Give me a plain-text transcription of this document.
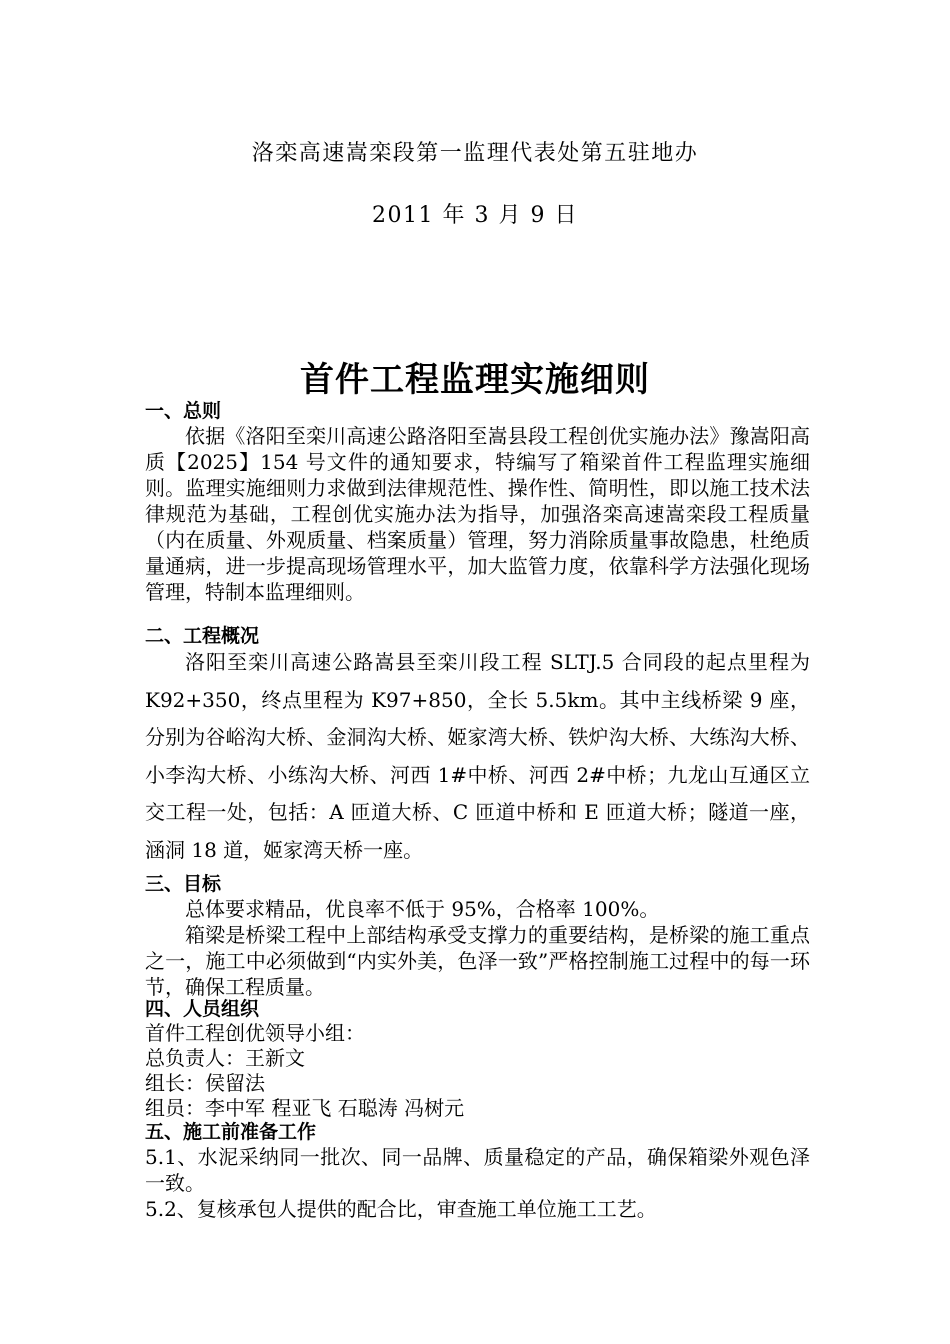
洛栾高速嵩栾段第一监理代表处第五驻地办
2011 年 3 月 9 日
首件工程监理实施细则
一、总则

依据《洛阳至栾川高速公路洛阳至嵩县段工程创优实施办法》豫嵩阳高质【2025】154 号文件的通知要求，特编写了箱梁首件工程监理实施细则。监理实施细则力求做到法律规范性、操作性、简明性，即以施工技术法律规范为基础，工程创优实施办法为指导，加强洛栾高速嵩栾段工程质量（内在质量、外观质量、档案质量）管理，努力消除质量事故隐患，杜绝质量通病，进一步提高现场管理水平，加大监管力度，依靠科学方法强化现场管理，特制本监理细则。

二、工程概况

洛阳至栾川高速公路嵩县至栾川段工程 SLTJ.5 合同段的起点里程为 K92+350，终点里程为 K97+850，全长 5.5km。其中主线桥梁 9 座，分别为谷峪沟大桥、金洞沟大桥、姬家湾大桥、铁炉沟大桥、大练沟大桥、小李沟大桥、小练沟大桥、河西 1#中桥、河西 2#中桥；九龙山互通区立交工程一处，包括：A 匝道大桥、C 匝道中桥和 E 匝道大桥；隧道一座，涵洞 18 道，姬家湾天桥一座。

三、目标

总体要求精品，优良率不低于 95%，合格率 100%。

箱梁是桥梁工程中上部结构承受支撑力的重要结构，是桥梁的施工重点之一，施工中必须做到“内实外美，色泽一致”严格控制施工过程中的每一环节，确保工程质量。

四、人员组织

首件工程创优领导小组：

总负责人：王新文

组长：侯留法

组员：李中军 程亚飞 石聪涛 冯树元

五、施工前准备工作

5.1、水泥采纳同一批次、同一品牌、质量稳定的产品，确保箱梁外观色泽一致。

5.2、复核承包人提供的配合比，审查施工单位施工工艺。
